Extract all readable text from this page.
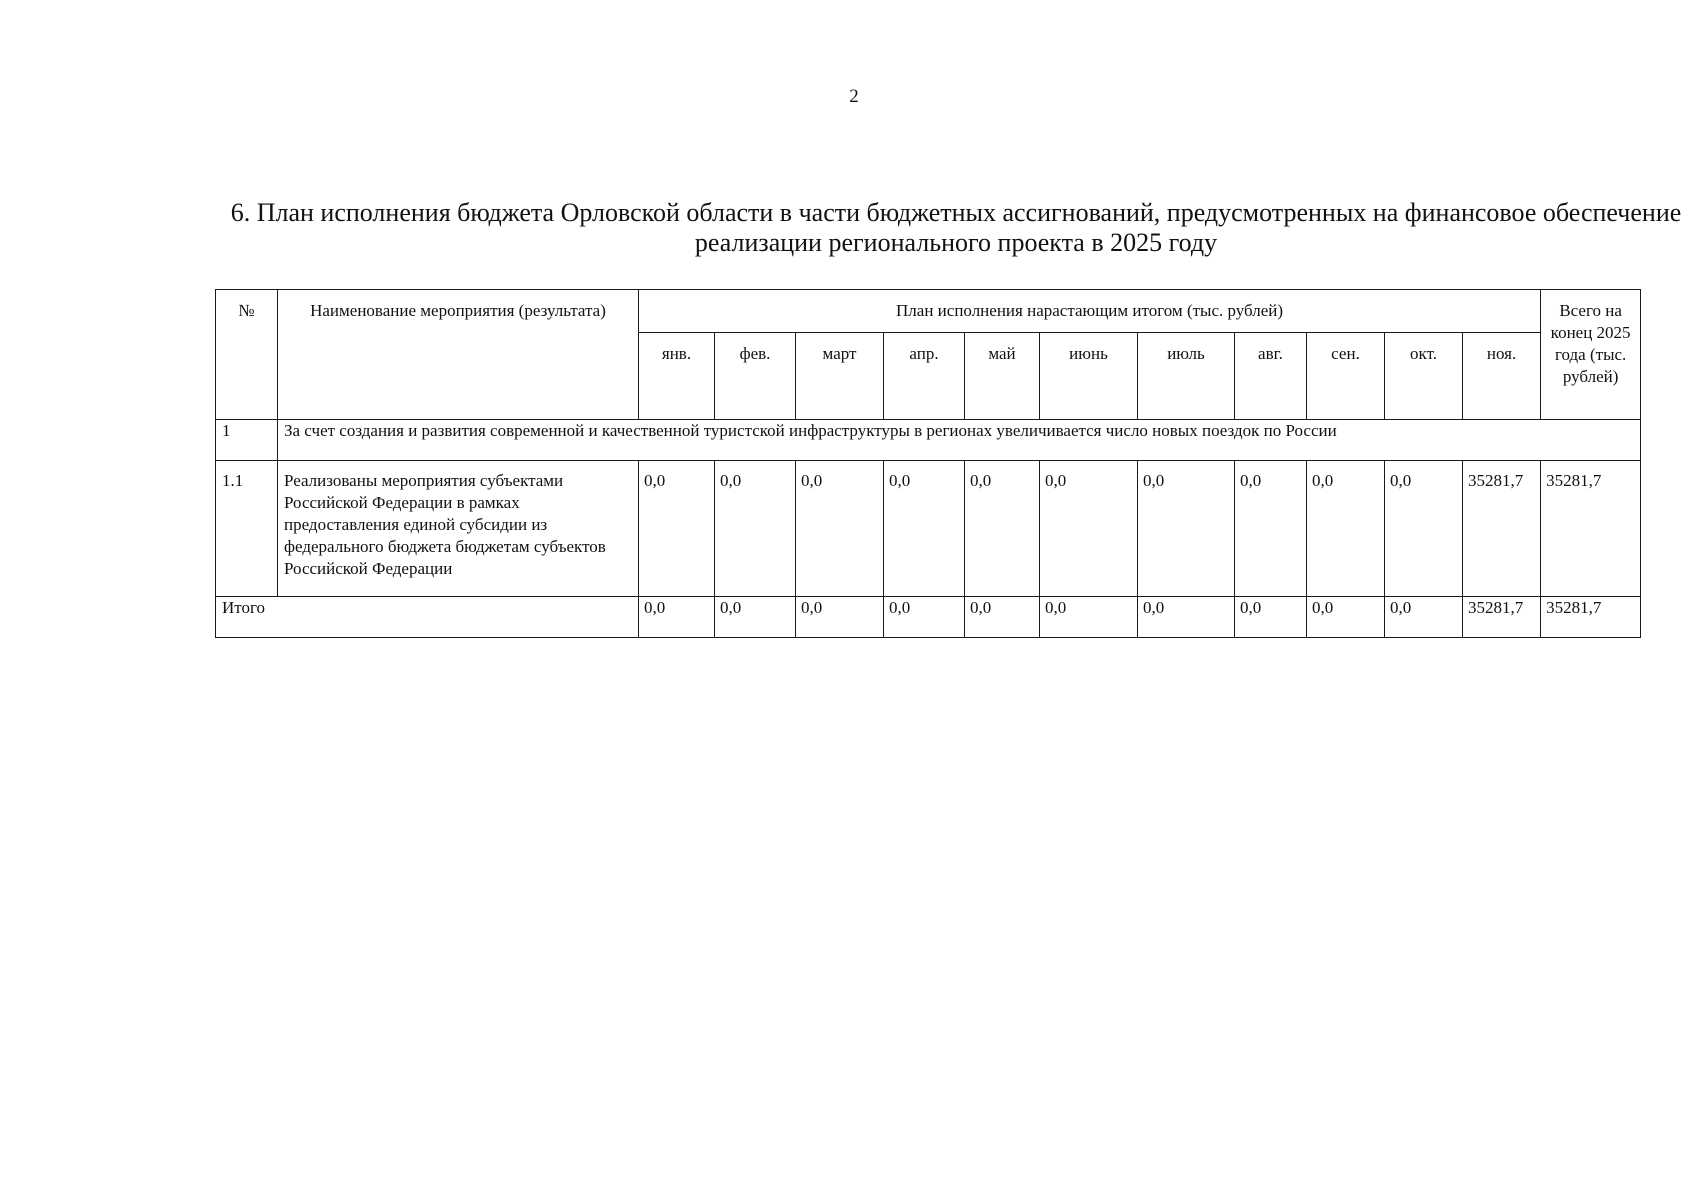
2
6. План исполнения бюджета Орловской области в части бюджетных ассигнований, предусмотренных на финансовое обеспечение реализации регионального проекта в 2025 году
№	Наименование мероприятия (результата)	План исполнения нарастающим итогом (тыс. рублей)											Всего на конец 2025 года (тыс. рублей)
		янв.	фев.	март	апр.	май	июнь	июль	авг.	сен.	окт.	ноя.	
1	За счет создания и развития современной и качественной туристской инфраструктуры в регионах увеличивается число новых поездок по России												
1.1	Реализованы мероприятия субъектами Российской Федерации в рамках предоставления единой субсидии из федерального бюджета бюджетам субъектов Российской Федерации	0,0	0,0	0,0	0,0	0,0	0,0	0,0	0,0	0,0	0,0	35281,7	35281,7
Итого		0,0	0,0	0,0	0,0	0,0	0,0	0,0	0,0	0,0	0,0	35281,7	35281,7
